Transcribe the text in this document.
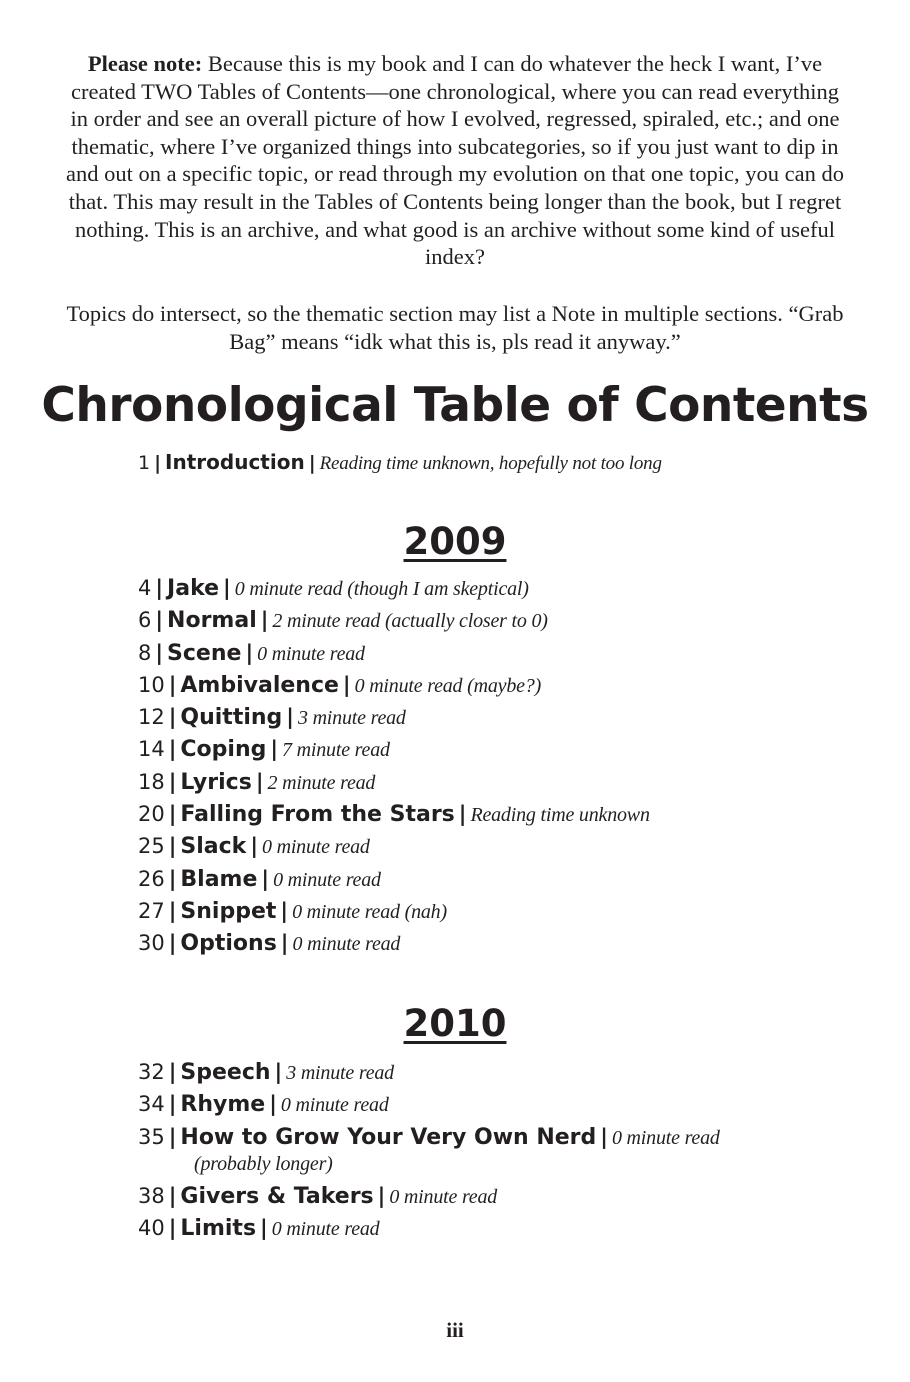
Please note: Because this is my book and I can do whatever the heck I want, I’ve created TWO Tables of Contents—one chronological, where you can read everything in order and see an overall picture of how I evolved, regressed, spiraled, etc.; and one thematic, where I’ve organized things into subcategories, so if you just want to dip in and out on a specific topic, or read through my evolution on that one topic, you can do that. This may result in the Tables of Contents being longer than the book, but I regret nothing. This is an archive, and what good is an archive without some kind of useful index?

Topics do intersect, so the thematic section may list a Note in multiple sections. “Grab Bag” means “idk what this is, pls read it anyway.”

Chronological Table of Contents
1 | Introduction | Reading time unknown, hopefully not too long
2009
4 | Jake | 0 minute read (though I am skeptical)
6 | Normal | 2 minute read (actually closer to 0)
8 | Scene | 0 minute read
10 | Ambivalence | 0 minute read (maybe?)
12 | Quitting | 3 minute read
14 | Coping | 7 minute read
18 | Lyrics | 2 minute read
20 | Falling From the Stars | Reading time unknown
25 | Slack | 0 minute read
26 | Blame | 0 minute read
27 | Snippet | 0 minute read (nah)
30 | Options | 0 minute read
2010
32 | Speech | 3 minute read
34 | Rhyme | 0 minute read
35 | How to Grow Your Very Own Nerd | 0 minute read
(probably longer)
38 | Givers & Takers | 0 minute read
40 | Limits | 0 minute read

iii
